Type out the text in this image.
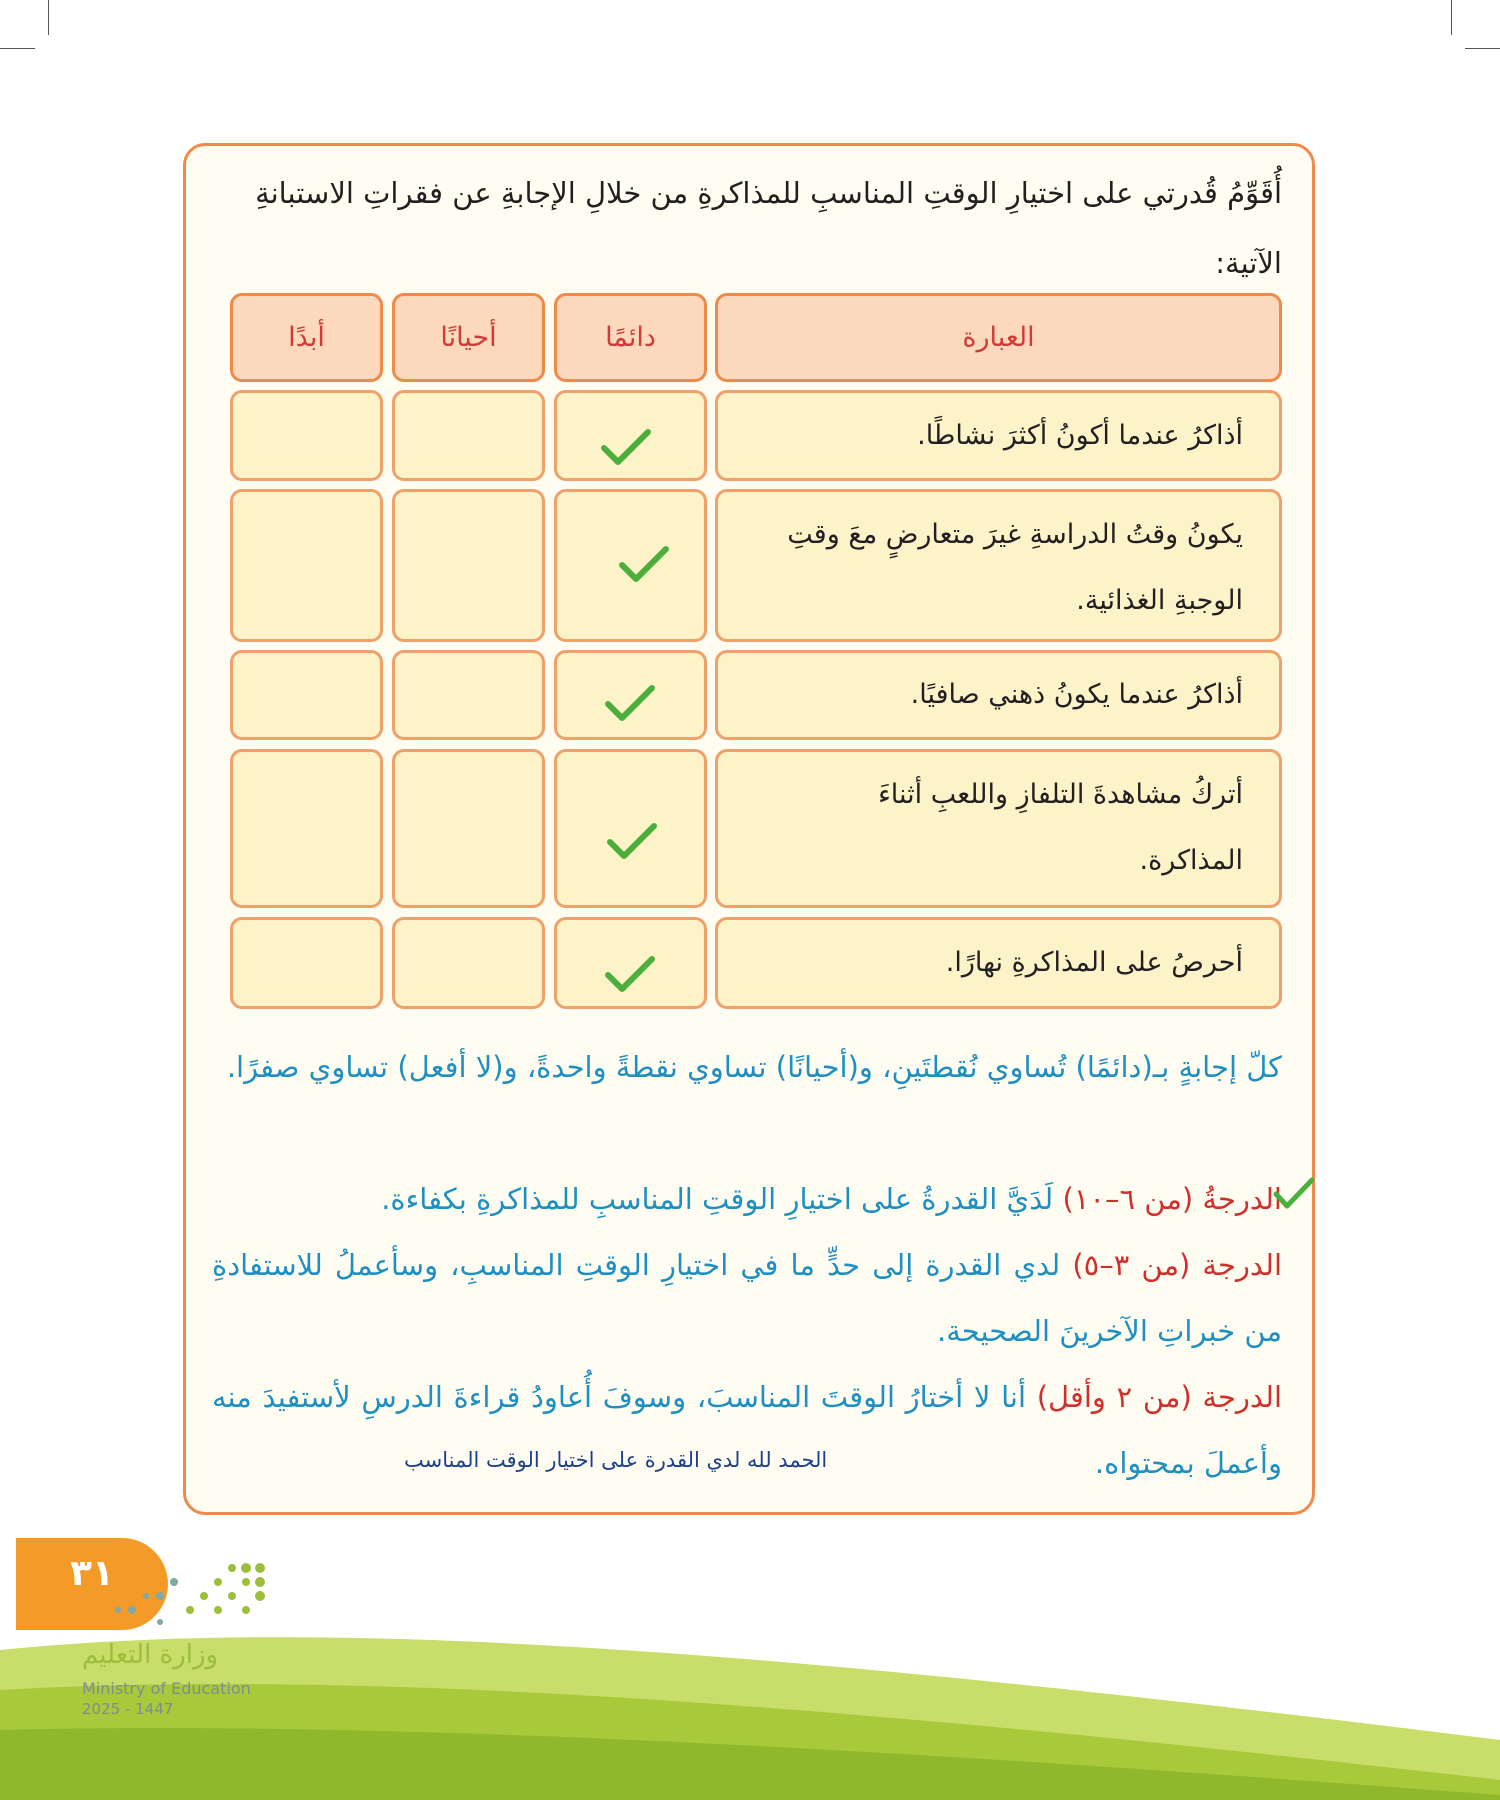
أُقَوِّمُ قُدرتي على اختيارِ الوقتِ المناسبِ للمذاكرةِ من خلالِ الإجابةِ عن فقراتِ الاستبانةِ
الآتية:
العبارة
دائمًا
أحيانًا
أبدًا
أذاكرُ عندما أكونُ أكثرَ نشاطًا.
يكونُ وقتُ الدراسةِ غيرَ متعارضٍ معَ وقتِ
الوجبةِ الغذائية.
أذاكرُ عندما يكونُ ذهني صافيًا.
أتركُ مشاهدةَ التلفازِ واللعبِ أثناءَ
المذاكرة.
أحرصُ على المذاكرةِ نهارًا.
كلّ إجابةٍ بـ(دائمًا) تُساوي نُقطتَينِ، و(أحيانًا) تساوي نقطةً واحدةً، و(لا أفعل) تساوي صفرًا.
الدرجةُ (من ٦–١٠) لَدَيَّ القدرةُ على اختيارِ الوقتِ المناسبِ للمذاكرةِ بكفاءة.
الدرجة (من ٣–٥) لدي القدرة إلى حدٍّ ما في اختيارِ الوقتِ المناسبِ، وسأعملُ للاستفادةِ من خبراتِ الآخرينَ الصحيحة.
الدرجة (من ٢ وأقل) أنا لا أختارُ الوقتَ المناسبَ، وسوفَ أُعاودُ قراءةَ الدرسِ لأستفيدَ منه وأعملَ بمحتواه.
الحمد لله لدي القدرة على اختيار الوقت المناسب
٣١
وزارة التعليم
Ministry of Education
2025 - 1447
